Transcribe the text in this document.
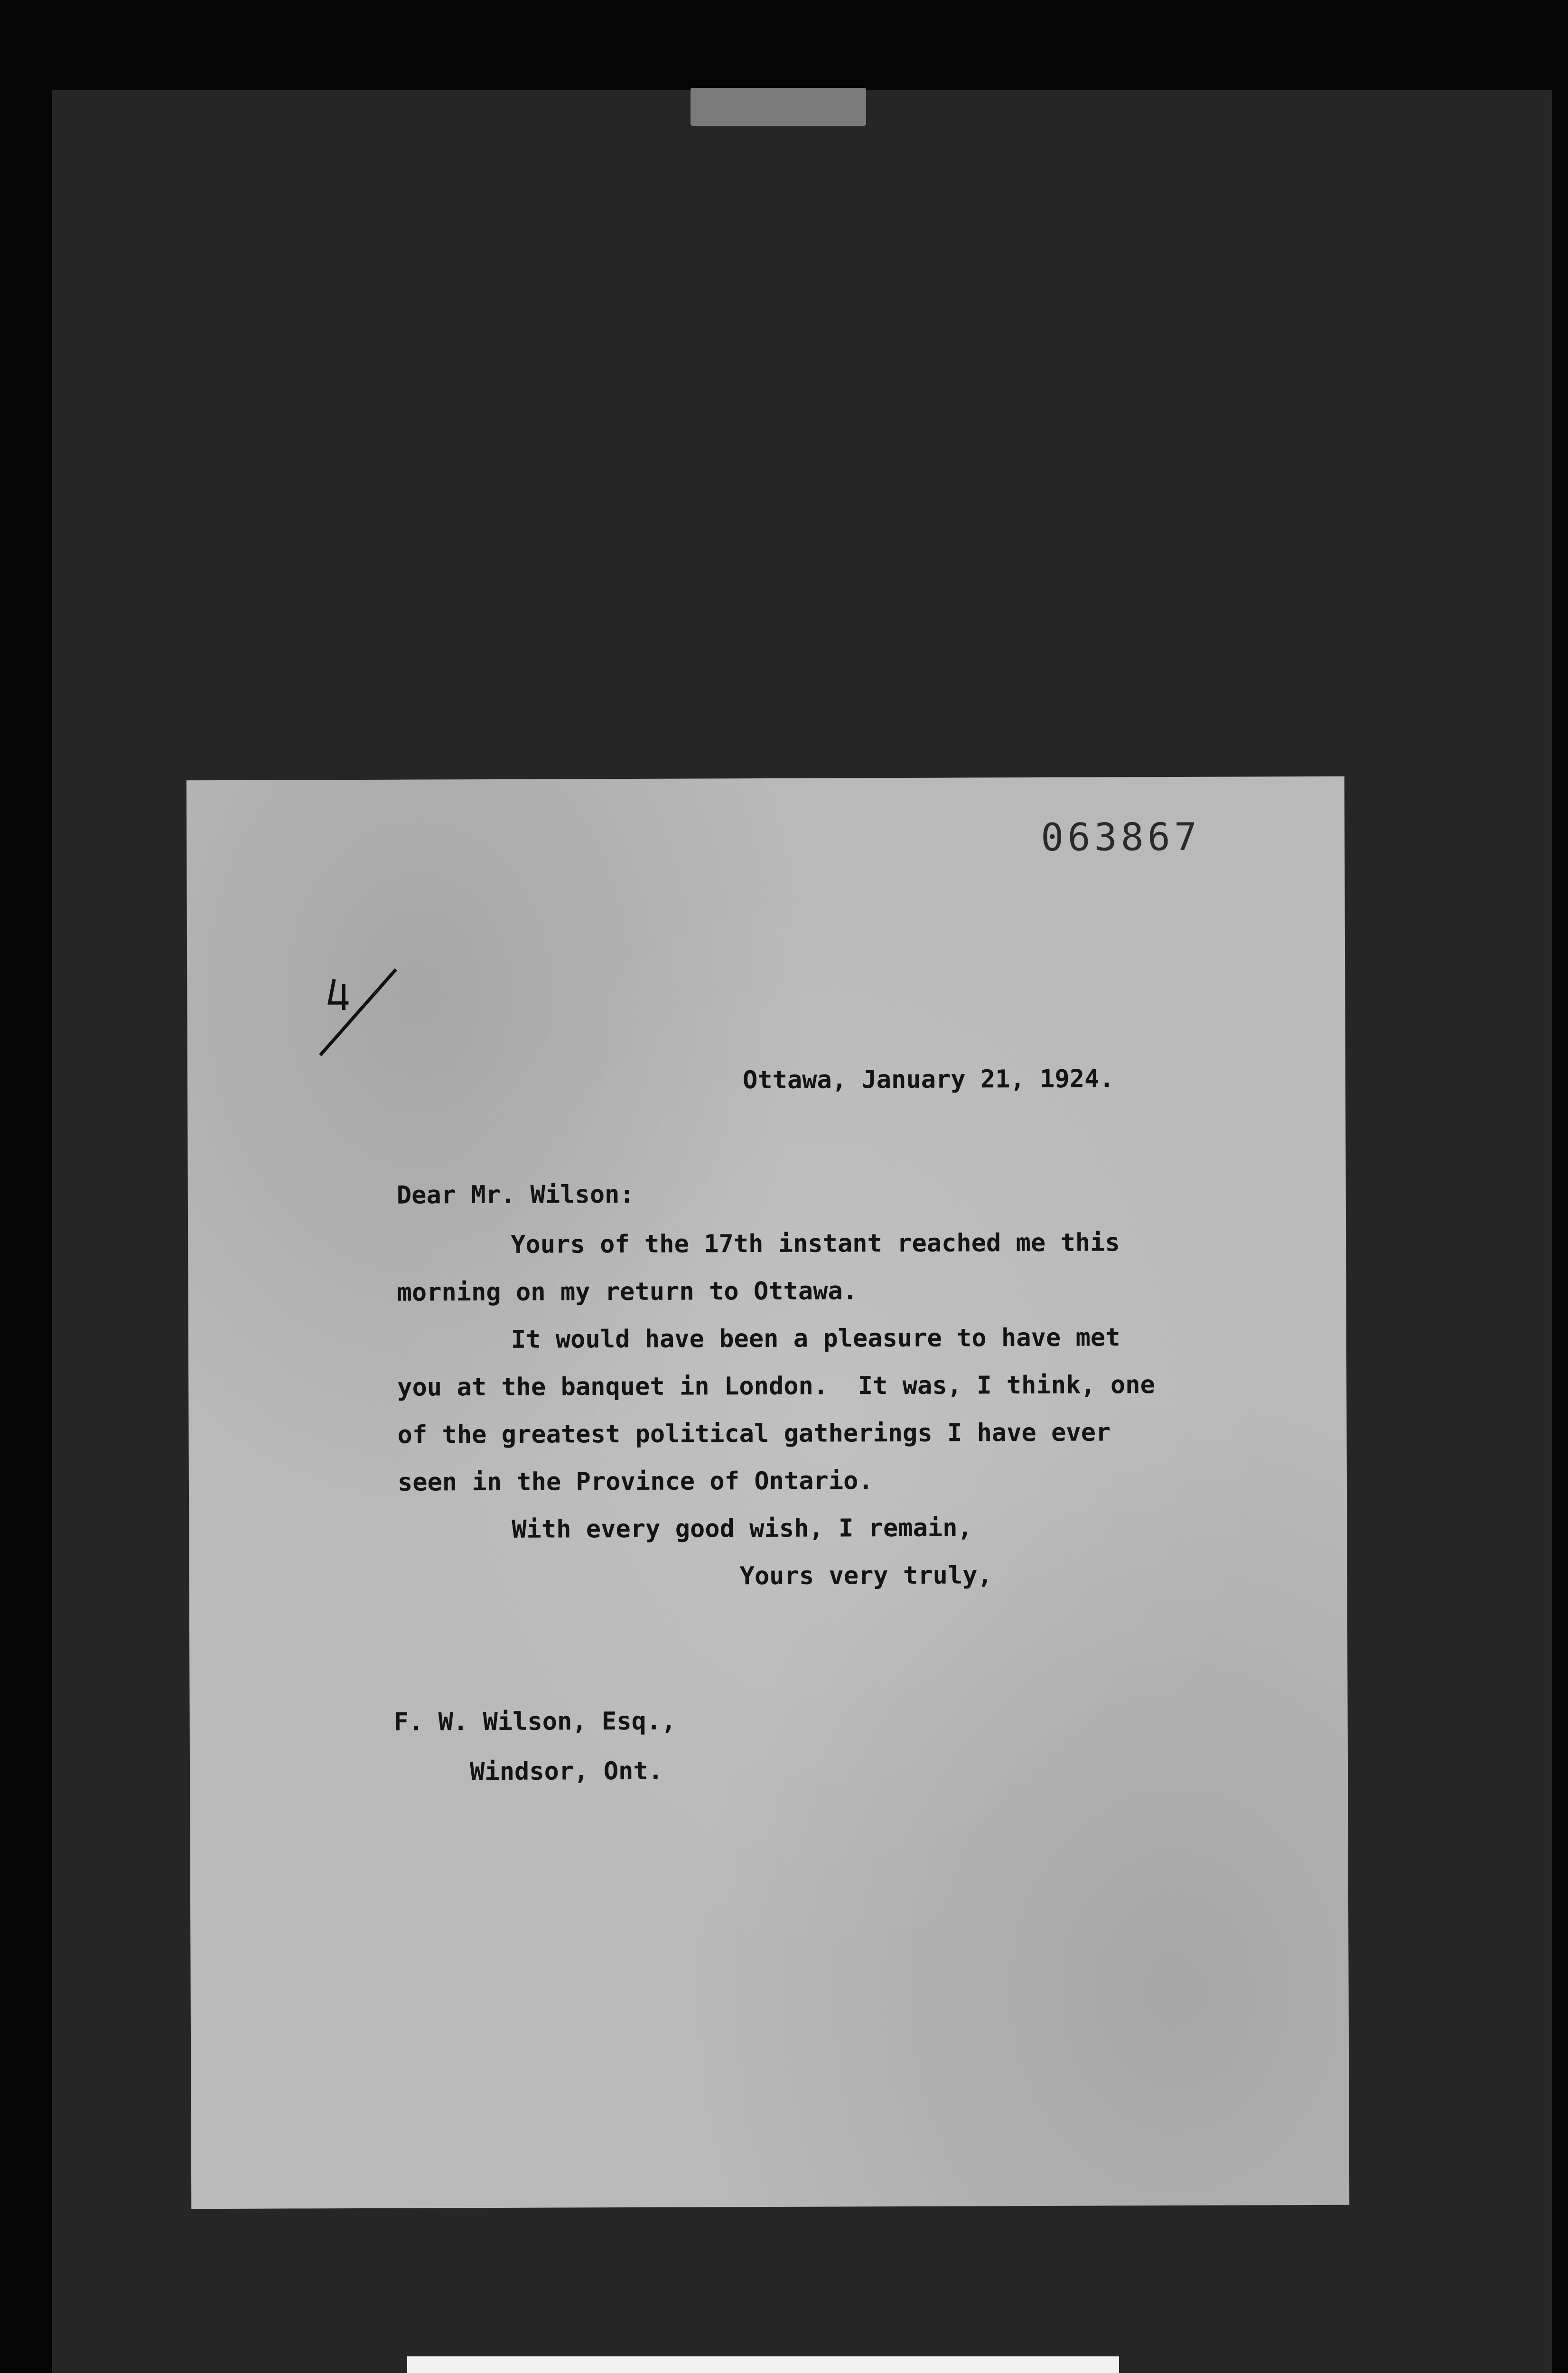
063867
Ottawa, January 21, 1924.
Dear Mr. Wilson:
Yours of the 17th instant reached me this
morning on my return to Ottawa.
It would have been a pleasure to have met
you at the banquet in London.  It was, I think, one
of the greatest political gatherings I have ever
seen in the Province of Ontario.
With every good wish, I remain,
Yours very truly,
F. W. Wilson, Esq.,
Windsor, Ont.
